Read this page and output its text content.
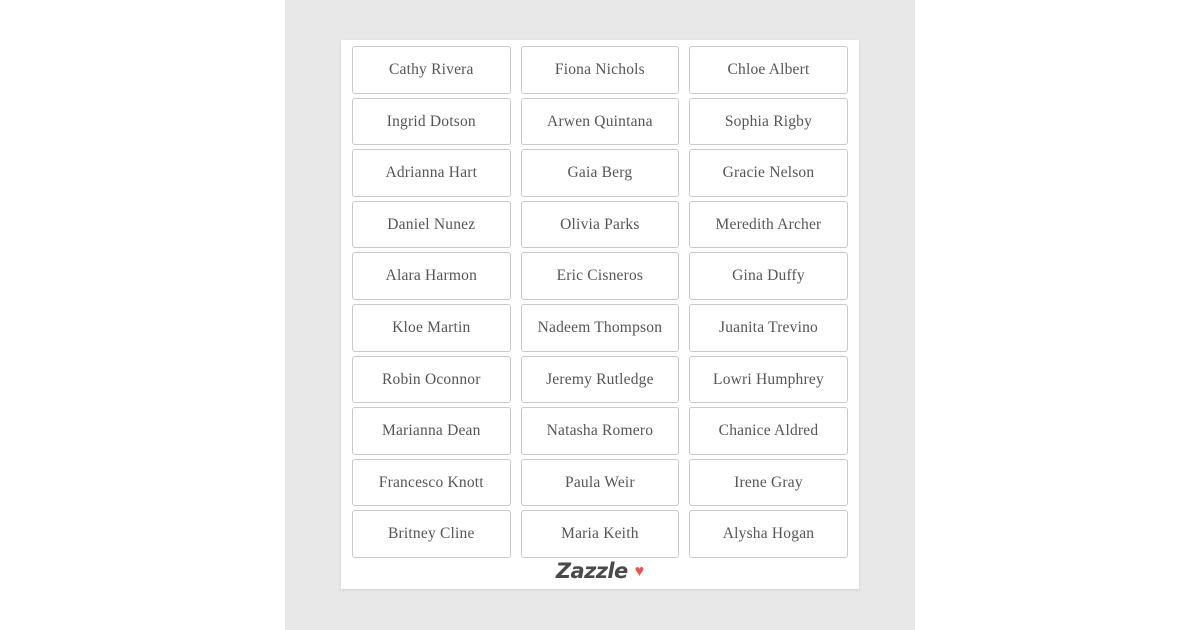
Cathy Rivera	Fiona Nichols	Chloe Albert
Ingrid Dotson	Arwen Quintana	Sophia Rigby
Adrianna Hart	Gaia Berg	Gracie Nelson
Daniel Nunez	Olivia Parks	Meredith Archer
Alara Harmon	Eric Cisneros	Gina Duffy
Kloe Martin	Nadeem Thompson	Juanita Trevino
Robin Oconnor	Jeremy Rutledge	Lowri Humphrey
Marianna Dean	Natasha Romero	Chanice Aldred
Francesco Knott	Paula Weir	Irene Gray
Britney Cline	Maria Keith	Alysha Hogan
Zazzle ♥
